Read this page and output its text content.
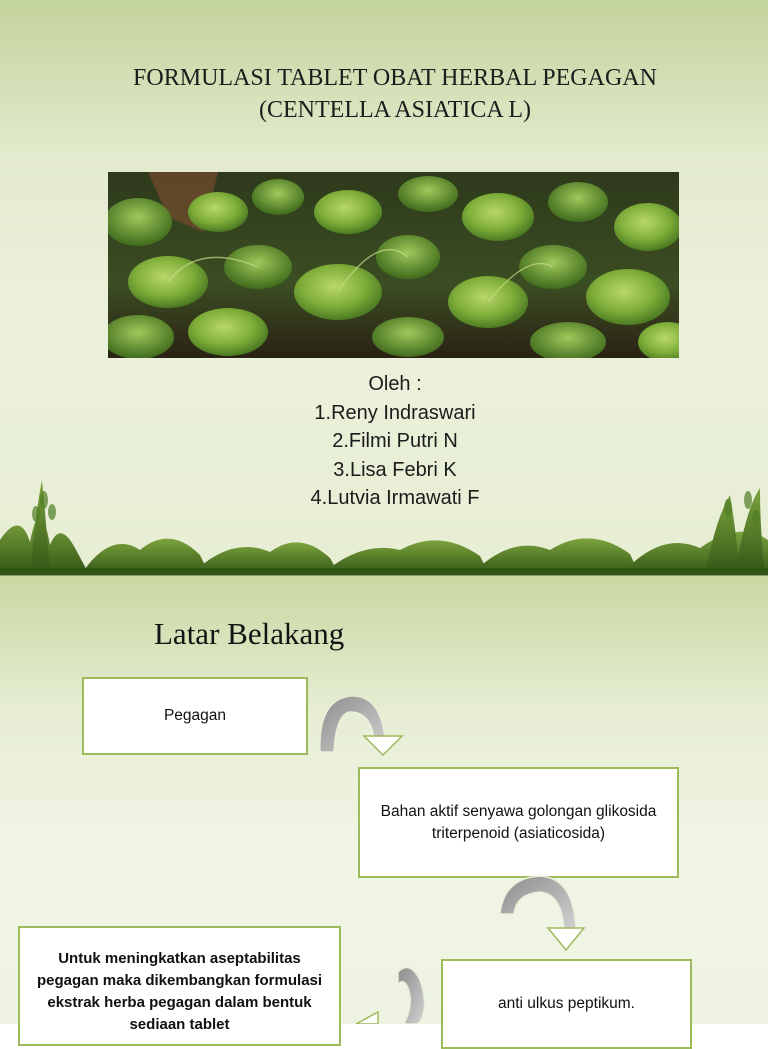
FORMULASI TABLET OBAT HERBAL PEGAGAN
(CENTELLA ASIATICA L)
Oleh :
1.Reny Indraswari
2.Filmi Putri N
3.Lisa Febri K
4.Lutvia Irmawati F
Latar Belakang
Pegagan
Bahan aktif senyawa golongan glikosida triterpenoid (asiaticosida)
Untuk meningkatkan aseptabilitas pegagan maka dikembangkan formulasi ekstrak herba pegagan dalam bentuk sediaan tablet
anti ulkus peptikum.
